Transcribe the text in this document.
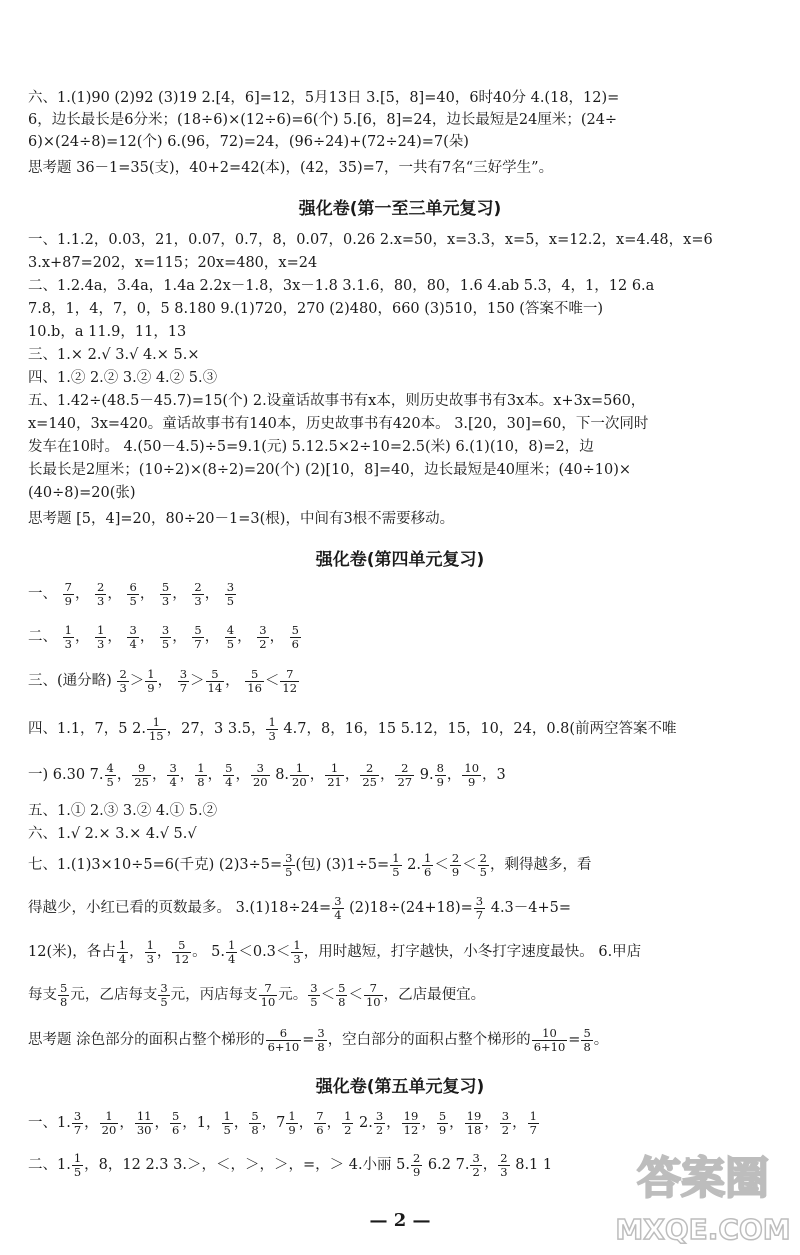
六、1.(1)90 (2)92 (3)19 2.[4，6]=12，5月13日 3.[5，8]=40，6时40分 4.(18，12)=
6，边长最长是6分米；(18÷6)×(12÷6)=6(个) 5.[6，8]=24，边长最短是24厘米；(24÷
6)×(24÷8)=12(个) 6.(96，72)=24，(96÷24)+(72÷24)=7(朵)
思考题 36－1=35(支)，40+2=42(本)，(42，35)=7，一共有7名“三好学生”。
强化卷(第一至三单元复习)
一、1.1.2，0.03，21，0.07，0.7，8，0.07，0.26 2.x=50，x=3.3，x=5，x=12.2，x=4.48，x=6
3.x+87=202，x=115；20x=480，x=24
二、1.2.4a，3.4a，1.4a 2.2x－1.8，3x－1.8 3.1.6，80，80，1.6 4.ab 5.3，4，1，12 6.a
7.8，1，4，7，0，5 8.180 9.(1)720，270 (2)480，660 (3)510，150 (答案不唯一)
10.b，a 11.9，11，13
三、1.× 2.√ 3.√ 4.× 5.×
四、1.② 2.② 3.② 4.② 5.③
五、1.42÷(48.5－45.7)=15(个) 2.设童话故事书有x本，则历史故事书有3x本。x+3x=560，
x=140，3x=420。童话故事书有140本，历史故事书有420本。 3.[20，30]=60，下一次同时
发车在10时。 4.(50－4.5)÷5=9.1(元) 5.12.5×2÷10=2.5(米) 6.(1)(10，8)=2，边
长最长是2厘米；(10÷2)×(8÷2)=20(个) (2)[10，8]=40，边长最短是40厘米；(40÷10)×
(40÷8)=20(张)
思考题 [5，4]=20，80÷20－1=3(根)，中间有3根不需要移动。
强化卷(第四单元复习)
一、 $\frac{7}{9}$ ， $\frac{2}{3}$ ， $\frac{6}{5}$ ， $\frac{5}{3}$ ， $\frac{2}{3}$ ， $\frac{3}{5}$
二、 $\frac{1}{3}$ ， $\frac{1}{3}$ ， $\frac{3}{4}$ ， $\frac{3}{5}$ ， $\frac{5}{7}$ ， $\frac{4}{5}$ ， $\frac{3}{2}$ ， $\frac{5}{6}$
三、(通分略) $\frac{2}{3} > \frac{1}{9}$ ， $\frac{3}{7} > \frac{5}{14}$ ， $\frac{5}{16} < \frac{7}{12}$
四、1.1，7，5 2. $\frac{1}{15}$ ，27，3 3.5， $\frac{1}{3} 4.7$，8，16，15 5.12，15，10，24，0.8(前两空答案不唯
一) 6.30 7. $\frac{4}{5}$ ， $\frac{9}{25}$ ， $\frac{3}{4}$ ， $\frac{1}{8}$ ， $\frac{5}{4}$ ， $\frac{3}{20} 8$. $\frac{1}{20}$ ， $\frac{1}{21}$ ， $\frac{2}{25}$ ， $\frac{2}{27} 9$. $\frac{8}{9}$ ， $\frac{10}{9}$ ，3
五、1.① 2.③ 3.② 4.① 5.②
六、1.√ 2.× 3.× 4.√ 5.√
七、1.(1)3×10÷5=6(千克) $(2)3\div 5= \frac{3}{5}$ (包) $(3)1\div 5= \frac{1}{5} 2$. $\frac{1}{6} < \frac{2}{9} < \frac{2}{5}$ ，剩得越多，看
得越少，小红已看的页数最多。 $3.(1)18\div 24= \frac{3}{4} (2)18\div(24+18)= \frac{3}{7} 4.3-4+5=$
12(米)，各占 $\frac{1}{4}$ ， $\frac{1}{3}$ ， $\frac{5}{12}$ 。 5. $\frac{1}{4} <0.3< \frac{1}{3}$ ，用时越短，打字越快，小冬打字速度最快。 6.甲店
每支 $\frac{5}{8}$ 元，乙店每支 $\frac{3}{5}$ 元，丙店每支 $\frac{7}{10}$ 元。 $\frac{3}{5} < \frac{5}{8} < \frac{7}{10}$ ，乙店最便宜。
思考题 涂色部分的面积占整个梯形的 $\frac{6}{6+10} = \frac{3}{8}$ ，空白部分的面积占整个梯形的 $\frac{10}{6+10} = \frac{5}{8}$ 。
强化卷(第五单元复习)
一、1. $\frac{3}{7}$ ， $\frac{1}{20}$ ， $\frac{11}{30}$ ， $\frac{5}{6}$ ，1， $\frac{1}{5}$ ， $\frac{5}{8}$ ，$7 \frac{1}{9}$ ， $\frac{7}{6}$ ， $\frac{1}{2} 2$. $\frac{3}{2}$ ， $\frac{19}{12}$ ， $\frac{5}{9}$ ， $\frac{19}{18}$ ， $\frac{3}{2}$ ， $\frac{1}{7}$
二、1. $\frac{1}{5}$ ，8，12 2.3 3.＞，＜，＞，＞，=，＞ 4.小丽 5. $\frac{2}{9} 6.2$ 7. $\frac{3}{2}$ ， $\frac{2}{3} 8.1$ 1
— 2 —
答案圈
MXQE.COM
